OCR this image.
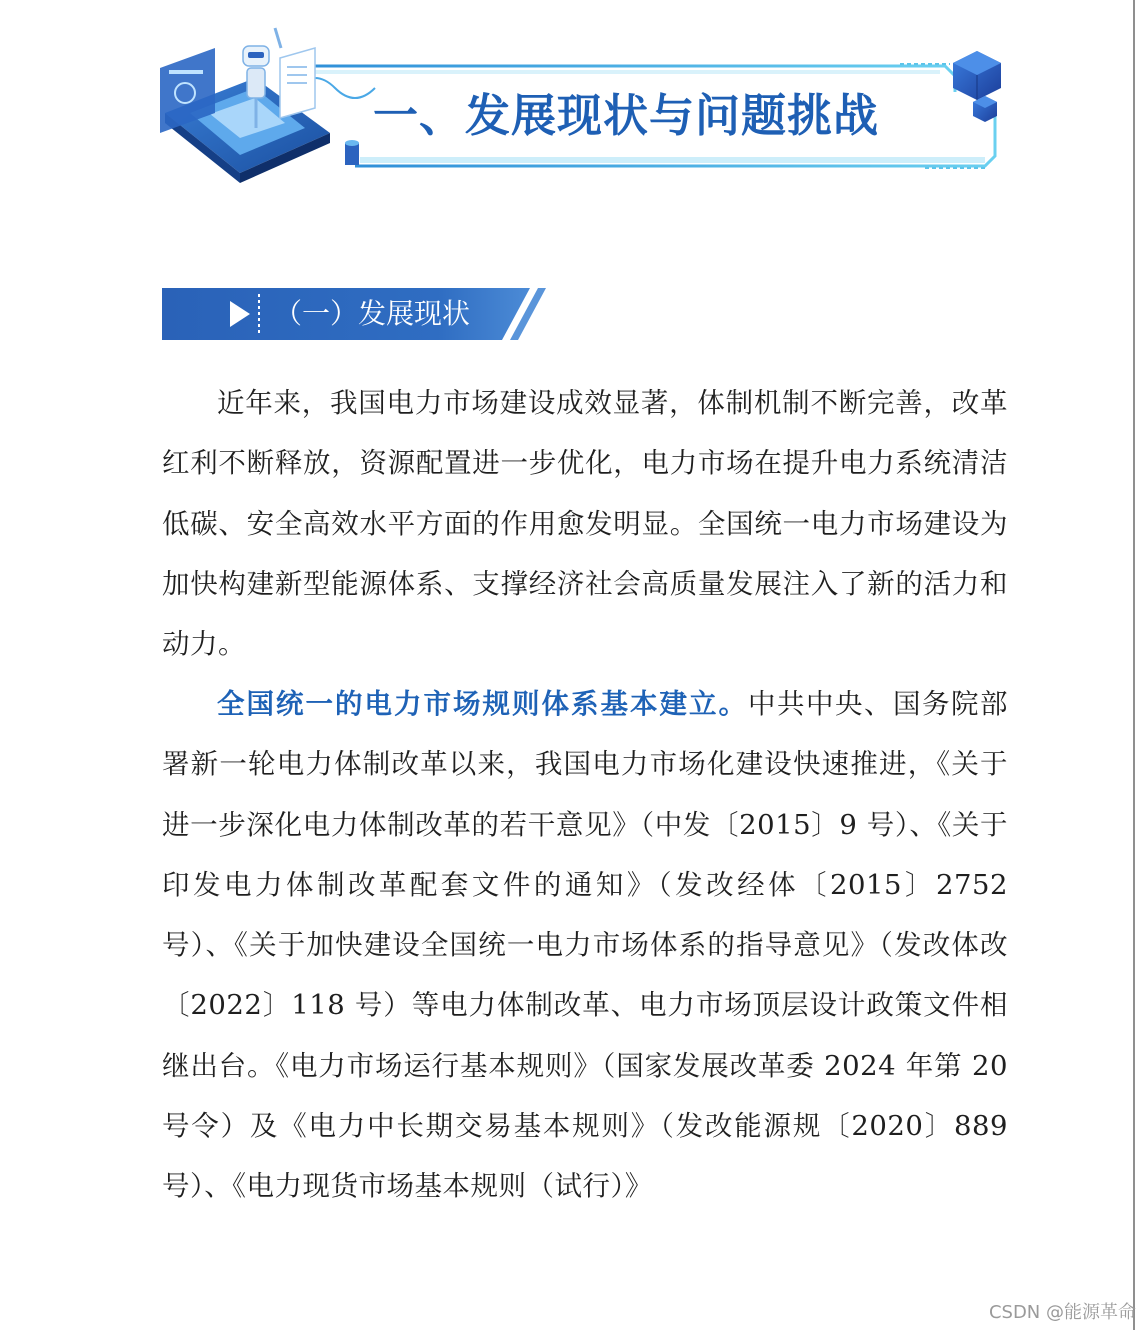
一、发展现状与问题挑战
（一）发展现状

近年来，我国电力市场建设成效显著，体制机制不断完善，改革红利不断释放，资源配置进一步优化，电力市场在提升电力系统清洁低碳、安全高效水平方面的作用愈发明显。全国统一电力市场建设为加快构建新型能源体系、支撑经济社会高质量发展注入了新的活力和动力。

全国统一的电力市场规则体系基本建立。中共中央、国务院部署新一轮电力体制改革以来，我国电力市场化建设快速推进，《关于进一步深化电力体制改革的若干意见》（中发〔2015〕9 号）、《关于印发电力体制改革配套文件的通知》（发改经体〔2015〕2752 号）、《关于加快建设全国统一电力市场体系的指导意见》（发改体改〔2022〕118 号）等电力体制改革、电力市场顶层设计政策文件相继出台。《电力市场运行基本规则》（国家发展改革委 2024 年第 20 号令）及《电力中长期交易基本规则》（发改能源规〔2020〕889 号）、《电力现货市场基本规则（试行）》

CSDN @能源革命
